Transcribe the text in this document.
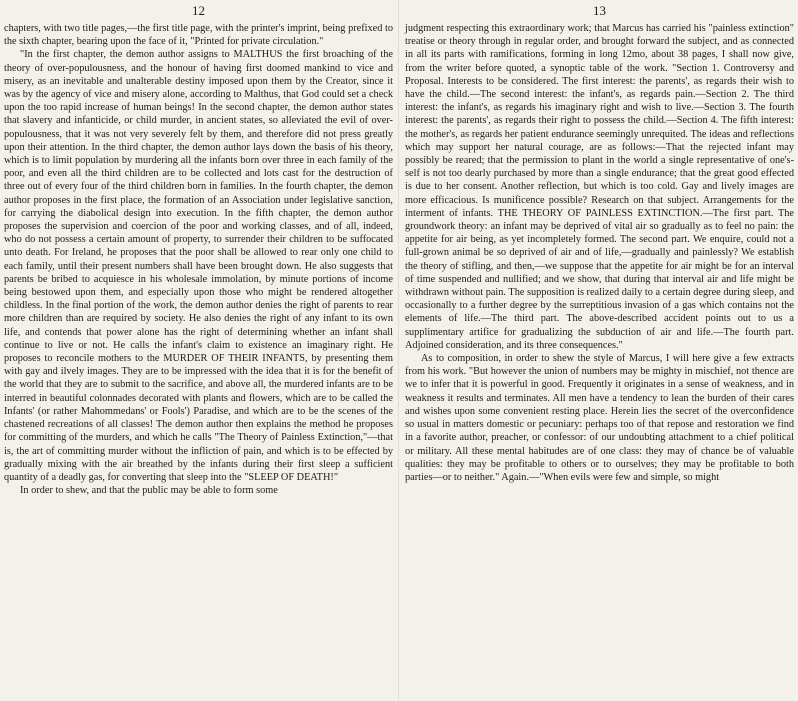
12

chapters, with two title pages,—the first title page, with the printer's imprint, being prefixed to the sixth chapter, bearing upon the face of it, "Printed for private circulation."

"In the first chapter, the demon author assigns to MALTHUS the first broaching of the theory of over-populousness, and the honour of having first doomed mankind to vice and misery, as an inevitable and unalterable destiny imposed upon them by the Creator, since it was by the agency of vice and misery alone, according to Malthus, that God could set a check upon the too rapid increase of human beings! In the second chapter, the demon author states that slavery and infanticide, or child murder, in ancient states, so alleviated the evil of over-populousness, that it was not very severely felt by them, and therefore did not press greatly upon their attention. In the third chapter, the demon author lays down the basis of his theory, which is to limit population by murdering all the infants born over three in each family of the poor, and even all the third children are to be collected and lots cast for the destruction of three out of every four of the third children born in families. In the fourth chapter, the demon author proposes in the first place, the formation of an Association under legislative sanction, for carrying the diabolical design into execution. In the fifth chapter, the demon author proposes the supervision and coercion of the poor and working classes, and of all, indeed, who do not possess a certain amount of property, to surrender their children to be suffocated unto death. For Ireland, he proposes that the poor shall be allowed to rear only one child to each family, until their present numbers shall have been brought down. He also suggests that parents be bribed to acquiesce in his wholesale immolation, by minute portions of income being bestowed upon them, and especially upon those who might be rendered altogether childless. In the final portion of the work, the demon author denies the right of parents to rear more children than are required by society. He also denies the right of any infant to its own life, and contends that power alone has the right of determining whether an infant shall continue to live or not. He calls the infant's claim to existence an imaginary right. He proposes to reconcile mothers to the MURDER OF THEIR INFANTS, by presenting them with gay and ilvely images. They are to be impressed with the idea that it is for the benefit of the world that they are to submit to the sacrifice, and above all, the murdered infants are to be interred in beautiful colonnades decorated with plants and flowers, which are to be called the Infants' (or rather Mahommedans' or Fools') Paradise, and which are to be the scenes of the chastened recreations of all classes! The demon author then explains the method he proposes for committing of the murders, and which he calls "The Theory of Painless Extinction,"—that is, the art of committing murder without the infliction of pain, and which is to be effected by gradually mixing with the air breathed by the infants during their first sleep a sufficient quantity of a deadly gas, for converting that sleep into the "SLEEP OF DEATH!"

In order to shew, and that the public may be able to form some

13

judgment respecting this extraordinary work; that Marcus has carried his "painless extinction" treatise or theory through in regular order, and brought forward the subject, and as connected in all its parts with ramifications, forming in long 12mo, about 38 pages, I shall now give, from the writer before quoted, a synoptic table of the work. "Section 1. Controversy and Proposal. Interests to be considered. The first interest: the parents', as regards their wish to have the child.—The second interest: the infant's, as regards pain.—Section 2. The third interest: the infant's, as regards his imaginary right and wish to live.—Section 3. The fourth interest: the parents', as regards their right to possess the child.—Section 4. The fifth interest: the mother's, as regards her patient endurance seemingly unrequited. The ideas and reflections which may support her natural courage, are as follows:—That the rejected infant may possibly be reared; that the permission to plant in the world a single representative of one's-self is not too dearly purchased by more than a single endurance; that the great good effected is due to her consent. Another reflection, but which is too cold. Gay and lively images are more efficacious. Is munificence possible? Research on that subject. Arrangements for the interment of infants. THE THEORY OF PAINLESS EXTINCTION.—The first part. The groundwork theory: an infant may be deprived of vital air so gradually as to feel no pain: the appetite for air being, as yet incompletely formed. The second part. We enquire, could not a full-grown animal be so deprived of air and of life,—gradually and painlessly? We establish the theory of stifling, and then,—we suppose that the appetite for air might be for an interval of time suspended and nullified; and we show, that during that interval air and life might be withdrawn without pain. The supposition is realized daily to a certain degree during sleep, and occasionally to a further degree by the surreptitious invasion of a gas which contains not the elements of life.—The third part. The above-described accident points out to us a supplimentary artifice for gradualizing the subduction of air and life.—The fourth part. Adjoined consideration, and its three consequences."

As to composition, in order to shew the style of Marcus, I will here give a few extracts from his work. "But however the union of numbers may be mighty in mischief, not thence are we to infer that it is powerful in good. Frequently it originates in a sense of weakness, and in weakness it results and terminates. All men have a tendency to lean the burden of their cares and wishes upon some convenient resting place. Herein lies the secret of the overconfidence so usual in matters domestic or pecuniary: perhaps too of that repose and restoration we find in a favorite author, preacher, or confessor: of our undoubting attachment to a chief political or military. All these mental habitudes are of one class: they may of chance be of valuable qualities: they may be profitable to others or to ourselves; they may be profitable to both parties—or to neither." Again.—"When evils were few and simple, so might
